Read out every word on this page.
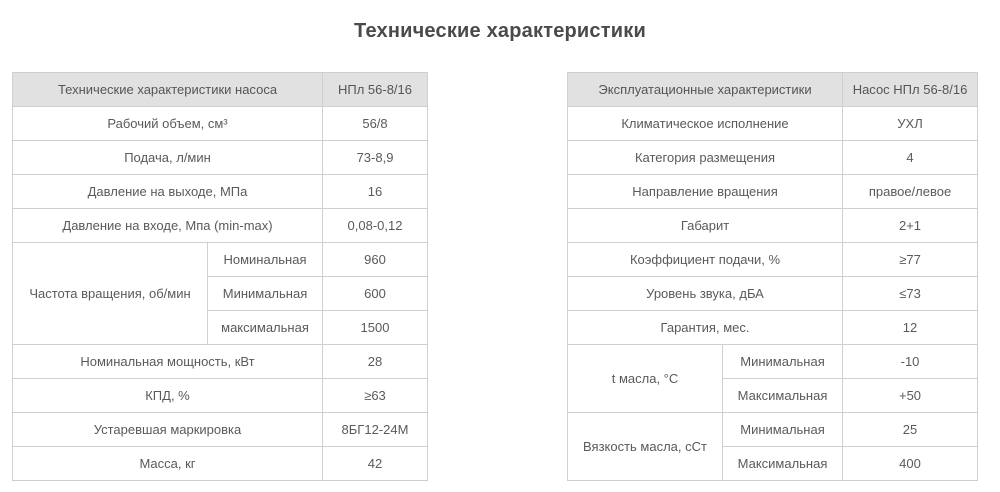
Технические характеристики
Технические характеристики насоса		НПл 56-8/16
Рабочий объем, см³		56/8
Подача, л/мин		73-8,9
Давление на выходе, МПа		16
Давление на входе, Мпа (min-max)		0,08-0,12
Частота вращения, об/мин	Номинальная	960
	Минимальная	600
	максимальная	1500
Номинальная мощность, кВт		28
КПД, %		≥63
Устаревшая маркировка		8БГ12-24М
Масса, кг		42
Эксплуатационные характеристики		Насос НПл 56-8/16
Климатическое исполнение		УХЛ
Категория размещения		4
Направление вращения		правое/левое
Габарит		2+1
Коэффициент подачи, %		≥77
Уровень звука, дБА		≤73
Гарантия, мес.		12
t масла, °C	Минимальная	-10
	Максимальная	+50
Вязкость масла, сСт	Минимальная	25
	Максимальная	400
